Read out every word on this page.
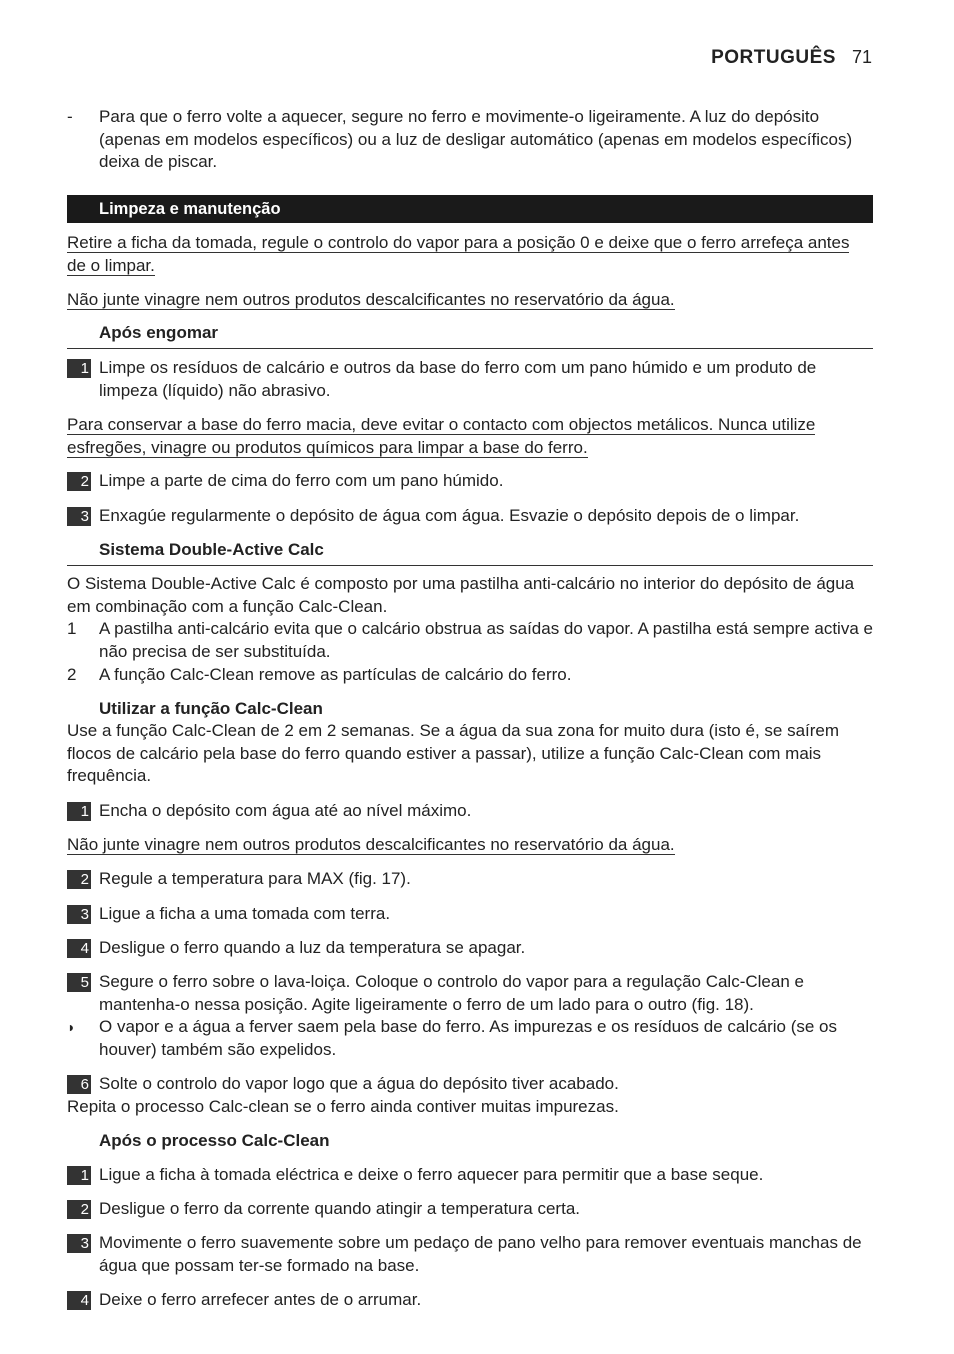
PORTUGUÊS 71
- Para que o ferro volte a aquecer, segure no ferro e movimente-o ligeiramente. A luz do depósito (apenas em modelos específicos) ou a luz de desligar automático (apenas em modelos específicos) deixa de piscar.
Limpeza e manutenção
Retire a ficha da tomada, regule o controlo do vapor para a posição 0 e deixe que o ferro arrefeça antes de o limpar.
Não junte vinagre nem outros produtos descalcificantes no reservatório da água.
Após engomar
1 Limpe os resíduos de calcário e outros da base do ferro com um pano húmido e um produto de limpeza (líquido) não abrasivo.
Para conservar a base do ferro macia, deve evitar o contacto com objectos metálicos. Nunca utilize esfregões, vinagre ou produtos químicos para limpar a base do ferro.
2 Limpe a parte de cima do ferro com um pano húmido.
3 Enxagúe regularmente o depósito de água com água. Esvazie o depósito depois de o limpar.
Sistema Double-Active Calc
O Sistema Double-Active Calc é composto por uma pastilha anti-calcário no interior do depósito de água em combinação com a função Calc-Clean.
1 A pastilha anti-calcário evita que o calcário obstrua as saídas do vapor. A pastilha está sempre activa e não precisa de ser substituída.
2 A função Calc-Clean remove as partículas de calcário do ferro.
Utilizar a função Calc-Clean
Use a função Calc-Clean de 2 em 2 semanas. Se a água da sua zona for muito dura (isto é, se saírem flocos de calcário pela base do ferro quando estiver a passar), utilize a função Calc-Clean com mais frequência.
1 Encha o depósito com água até ao nível máximo.
Não junte vinagre nem outros produtos descalcificantes no reservatório da água.
2 Regule a temperatura para MAX (fig. 17).
3 Ligue a ficha a uma tomada com terra.
4 Desligue o ferro quando a luz da temperatura se apagar.
5 Segure o ferro sobre o lava-loiça. Coloque o controlo do vapor para a regulação Calc-Clean e mantenha-o nessa posição. Agite ligeiramente o ferro de um lado para o outro (fig. 18).
◗ O vapor e a água a ferver saem pela base do ferro. As impurezas e os resíduos de calcário (se os houver) também são expelidos.
6 Solte o controlo do vapor logo que a água do depósito tiver acabado.
Repita o processo Calc-clean se o ferro ainda contiver muitas impurezas.
Após o processo Calc-Clean
1 Ligue a ficha à tomada eléctrica e deixe o ferro aquecer para permitir que a base seque.
2 Desligue o ferro da corrente quando atingir a temperatura certa.
3 Movimente o ferro suavemente sobre um pedaço de pano velho para remover eventuais manchas de água que possam ter-se formado na base.
4 Deixe o ferro arrefecer antes de o arrumar.
